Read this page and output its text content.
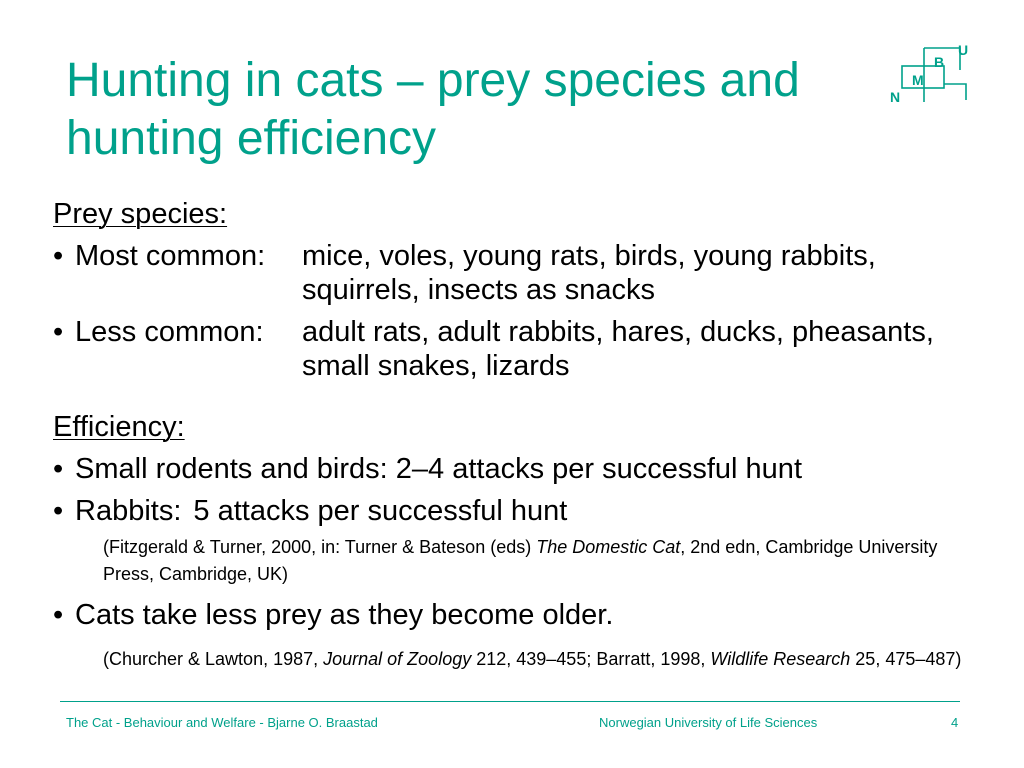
Hunting in cats – prey species and
hunting efficiency
U
B
M
N
Prey species:
• Most common:	mice, voles, young rats, birds, young rabbits,
squirrels, insects as snacks
• Less common:	adult rats, adult rabbits, hares, ducks, pheasants,
small snakes, lizards
Efficiency:
• Small rodents and birds: 2–4 attacks per successful hunt
• Rabbits: 5 attacks per successful hunt
(Fitzgerald & Turner, 2000, in: Turner & Bateson (eds) The Domestic Cat, 2nd edn, Cambridge University Press, Cambridge, UK)
• Cats take less prey as they become older.
(Churcher & Lawton, 1987, Journal of Zoology 212, 439–455; Barratt, 1998, Wildlife Research 25, 475–487)
The Cat - Behaviour and Welfare - Bjarne O. Braastad	Norwegian University of Life Sciences	4
